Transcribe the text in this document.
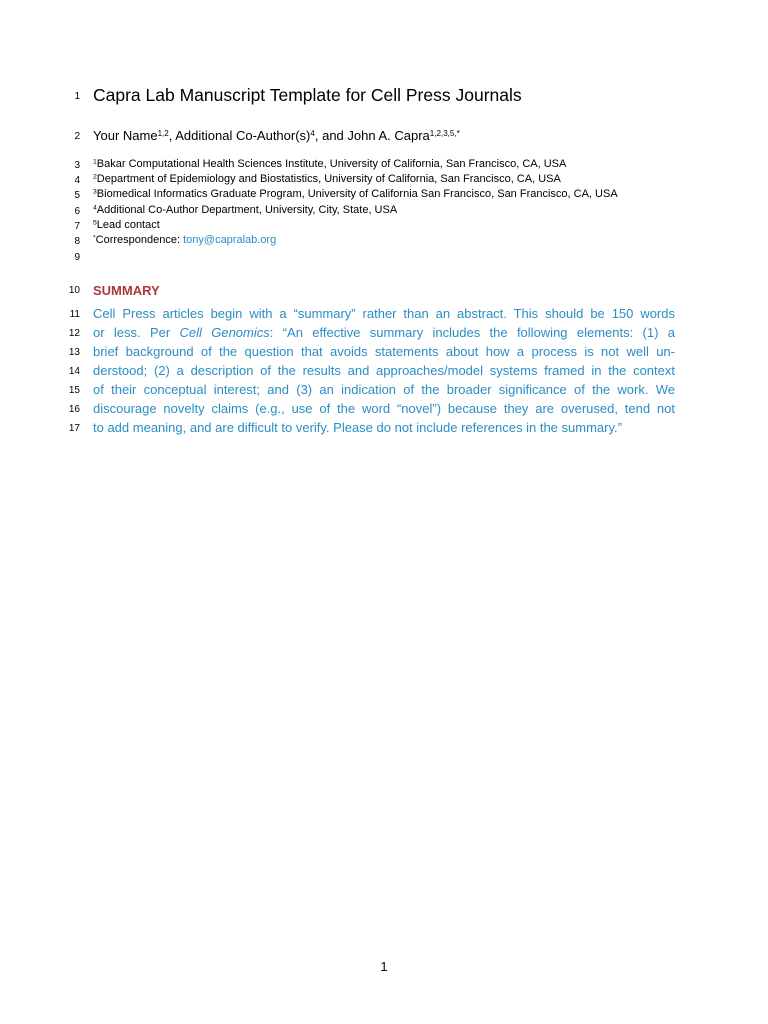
1
2
3
4
5
6
7
8
9
10
11
12
13
14
15
16
17
Capra Lab Manuscript Template for Cell Press Journals
Your Name$^{1,2}$, Additional $Co-Author(s)^4$, and John A. Capra$^{1,2,3,5,*}$
$^1$Bakar Computational Health Sciences Institute, University of California, San Francisco, CA, USA
$^2$Department of Epidemiology and Biostatistics, University of California, San Francisco, CA, USA
$^3$Biomedical Informatics Graduate Program, University of California San Francisco, San Francisco, CA, USA
$^4$Additional Co-Author Department, University, City, State, USA
$^5$Lead contact
*Correspondence: tony@capralab.org
SUMMARY
Cell Press articles begin with a “summary” rather than an abstract. This should be 150 words
or less. Per Cell Genomics: “An effective summary includes the following elements: (1) a
brief background of the question that avoids statements about how a process is not well un-
derstood; (2) a description of the results and approaches/model systems framed in the context
of their conceptual interest; and (3) an indication of the broader significance of the work. We
discourage novelty claims (e.g., use of the word “novel”) because they are overused, tend not
to add meaning, and are difficult to verify. Please do not include references in the summary.”
1
